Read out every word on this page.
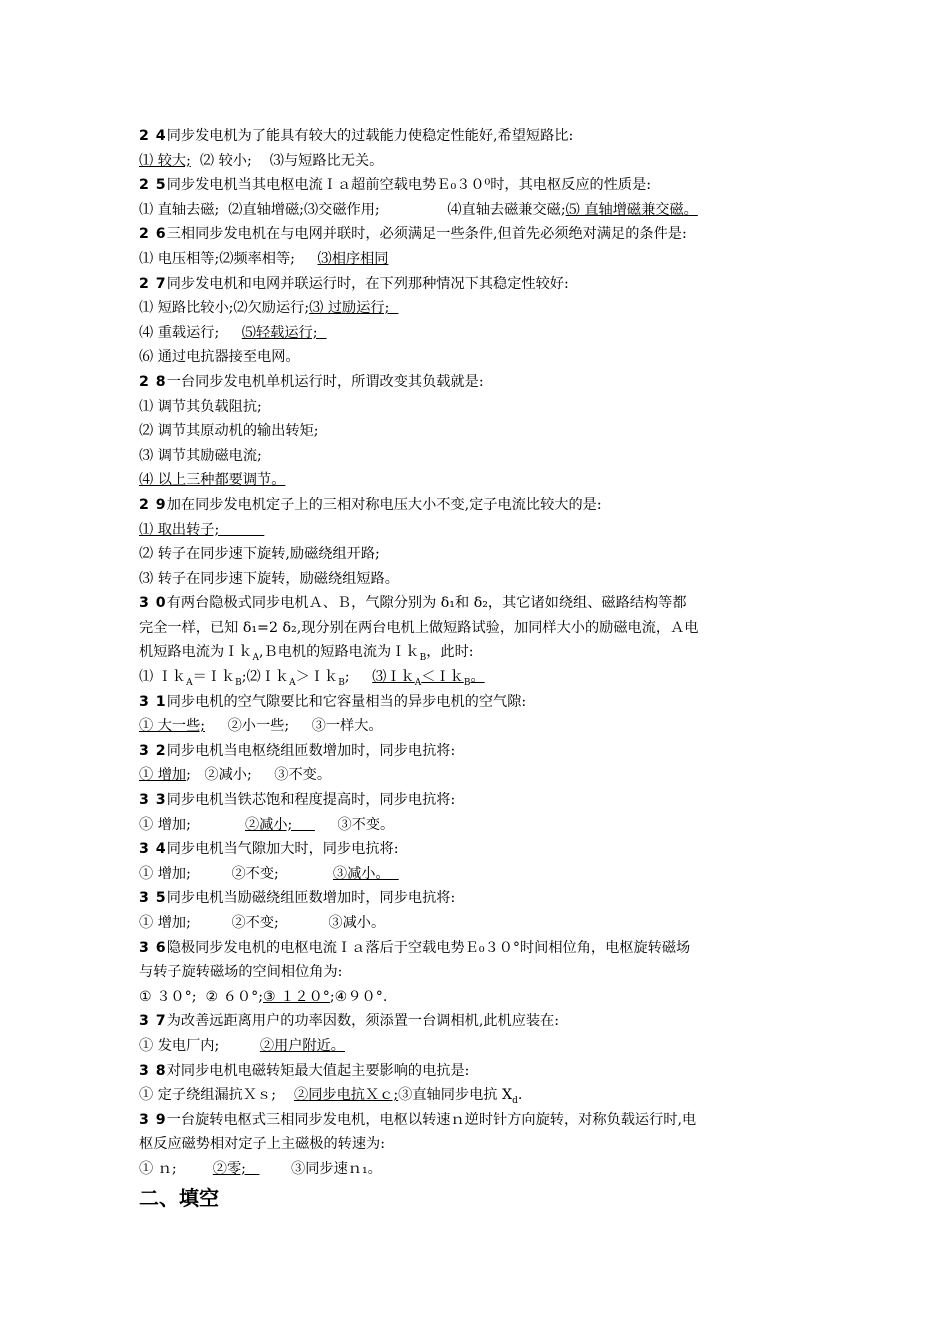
2 4同步发电机为了能具有较大的过载能力使稳定性能好,希望短路比:
⑴ 较大;  ⑵ 较小;    ⑶与短路比无关。
2 5同步发电机当其电枢电流Ｉａ超前空载电势Ｅ₀３０⁰时，其电枢反应的性质是:
⑴ 直轴去磁;  ⑵直轴增磁;⑶交磁作用;               ⑷直轴去磁兼交磁;⑸ 直轴增磁兼交磁。
2 6三相同步发电机在与电网并联时，必须满足一些条件,但首先必须绝对满足的条件是:
⑴ 电压相等;⑵频率相等;     ⑶相序相同
2 7同步发电机和电网并联运行时，在下列那种情况下其稳定性较好:
⑴ 短路比较小;⑵欠励运行;⑶ 过励运行;
⑷ 重载运行;     ⑸轻载运行;
⑹ 通过电抗器接至电网。
2 8一台同步发电机单机运行时，所谓改变其负载就是:
⑴ 调节其负载阻抗;
⑵ 调节其原动机的输出转矩;
⑶ 调节其励磁电流;
⑷ 以上三种都要调节。
2 9加在同步发电机定子上的三相对称电压大小不变,定子电流比较大的是:
⑴ 取出转子;
⑵ 转子在同步速下旋转,励磁绕组开路;
⑶ 转子在同步速下旋转，励磁绕组短路。
3 0有两台隐极式同步电机Ａ、Ｂ，气隙分别为 δ₁和 δ₂，其它诸如绕组、磁路结构等都
完全一样，已知 δ₁=2 δ₂,现分别在两台电机上做短路试验，加同样大小的励磁电流，Ａ电
机短路电流为Ｉｋ$_A$,Ｂ电机的短路电流为Ｉｋ$_B$，此时:
⑴ Ｉｋ$_A$＝Ｉｋ$_B$;⑵Ｉｋ$_A$＞Ｉｋ$_B$;     ⑶Ｉｋ$_A$＜Ｉｋ$_B$。
3 1同步电机的空气隙要比和它容量相当的异步电机的空气隙:
① 大一些;     ②小一些;     ③一样大。
3 2同步电机当电枢绕组匝数增加时，同步电抗将:
① 增加;   ②减小;     ③不变。
3 3同步电机当铁芯饱和程度提高时，同步电抗将:
① 增加;            ②减小;          ③不变。
3 4同步电机当气隙加大时，同步电抗将:
① 增加;         ②不变;            ③减小。
3 5同步电机当励磁绕组匝数增加时，同步电抗将:
① 增加;         ②不变;           ③减小。
3 6隐极同步发电机的电枢电流Ｉａ落后于空载电势Ｅ₀３０°时间相位角，电枢旋转磁场
与转子旋转磁场的空间相位角为:
① ３０°;  ② ６０°;③ １２０°;④９０°.
3 7为改善远距离用户的功率因数，须添置一台调相机,此机应装在:
① 发电厂内;         ②用户附近。
3 8对同步电机电磁转矩最大值起主要影响的电抗是:
① 定子绕组漏抗Ｘｓ;    ②同步电抗Ｘｃ;③直轴同步电抗 $X_d$.
3 9一台旋转电枢式三相同步发电机，电枢以转速ｎ逆时针方向旋转，对称负载运行时,电
枢反应磁势相对定子上主磁极的转速为:
① ｎ;        ②零;          ③同步速ｎ₁。
二、填空
